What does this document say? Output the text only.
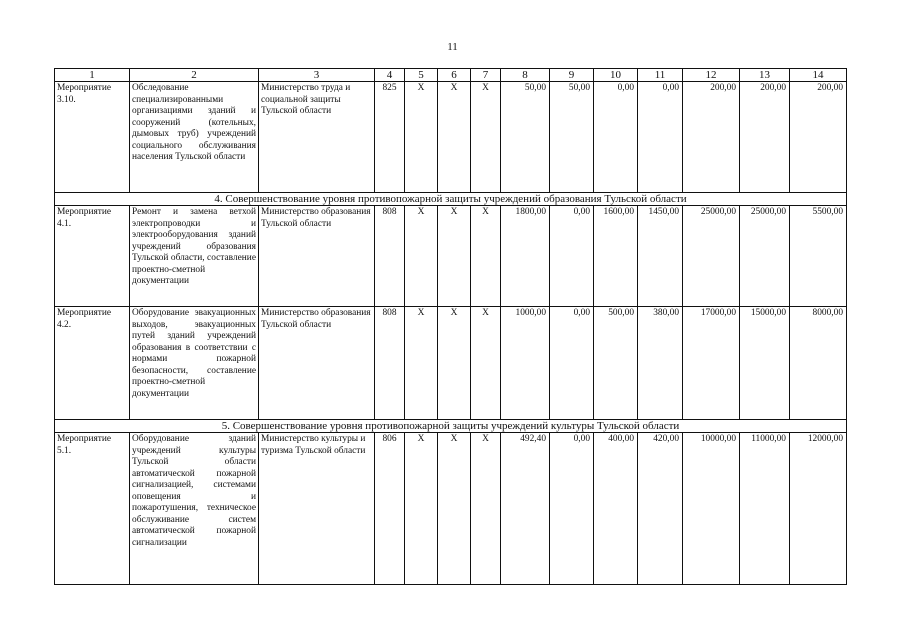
11
1	2	3	4	5	6	7	8	9	10	11	12	13	14
Мероприятие 3.10.	Обследование специализированными организациями зданий и сооружений (котельных, дымовых труб) учреждений социального обслуживания населения Тульской области	Министерство труда и социальной защиты Тульской области	825	Х	Х	Х	50,00	50,00	0,00	0,00	200,00	200,00	200,00
4. Совершенствование уровня противопожарной защиты учреждений образования Тульской области													
Мероприятие 4.1.	Ремонт и замена ветхой электропроводки и электрооборудования зданий учреждений образования Тульской области, составление проектно-сметной документации	Министерство образования Тульской области	808	Х	Х	Х	1800,00	0,00	1600,00	1450,00	25000,00	25000,00	5500,00
Мероприятие 4.2.	Оборудование эвакуационных выходов, эвакуационных путей зданий учреждений образования в соответствии с нормами пожарной безопасности, составление проектно-сметной документации	Министерство образования Тульской области	808	Х	Х	Х	1000,00	0,00	500,00	380,00	17000,00	15000,00	8000,00
5. Совершенствование уровня противопожарной защиты учреждений культуры Тульской области													
Мероприятие 5.1.	Оборудование зданий учреждений культуры Тульской области автоматической пожарной сигнализацией, системами оповещения и пожаротушения, техническое обслуживание систем автоматической пожарной сигнализации	Министерство культуры и туризма Тульской области	806	Х	Х	Х	492,40	0,00	400,00	420,00	10000,00	11000,00	12000,00
